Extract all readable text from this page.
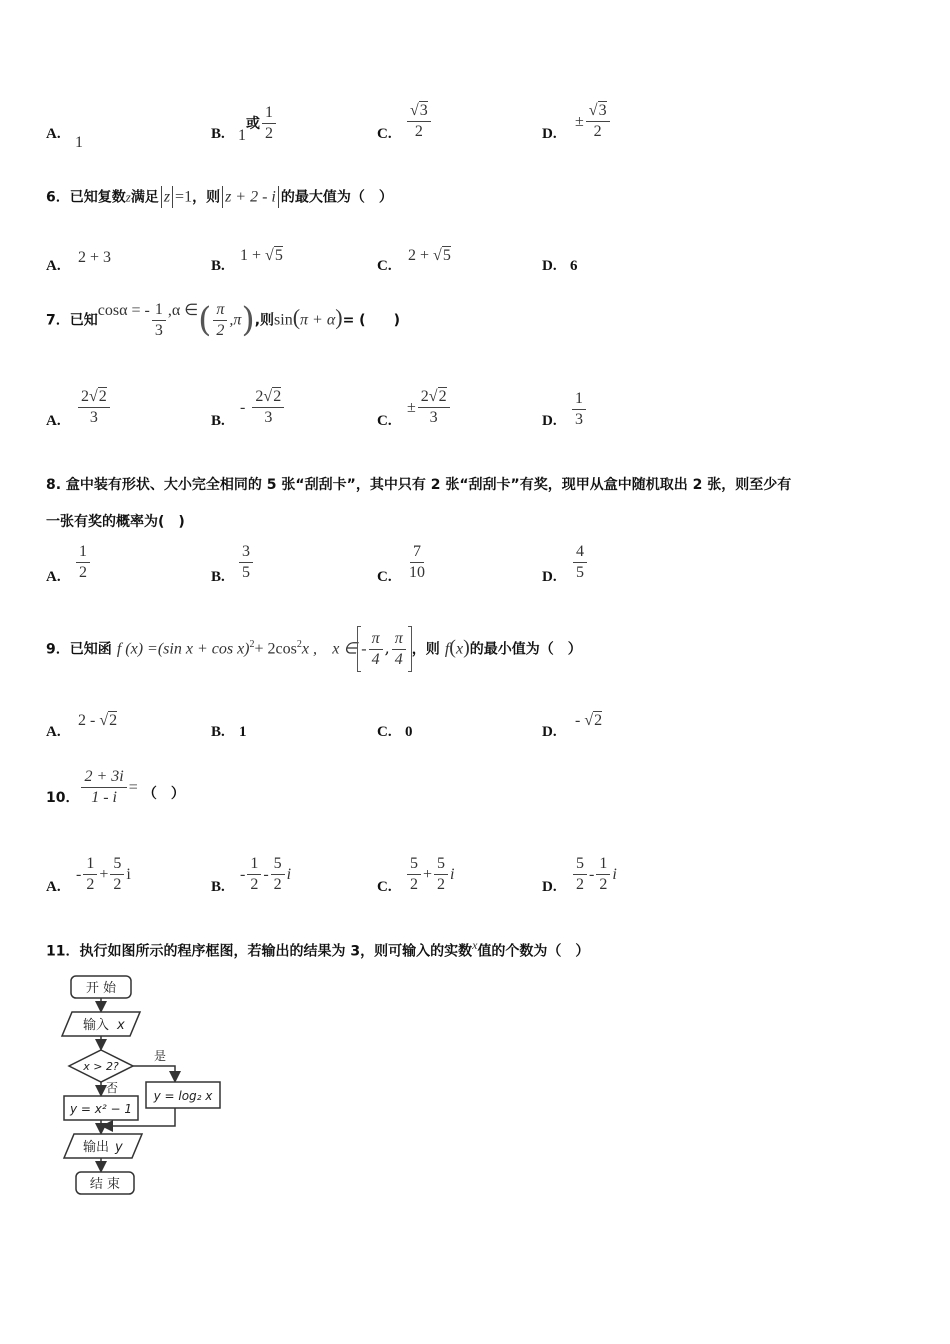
A. 1	B. 1或 $\frac{1}{2}$	C. $\frac{√3}{2}$	D.
± $\frac{√3}{2}$
6．已知复数z满足 z =1，则 z + 2 - i 的最大值为（　）
A. 2 + 3	B.
1 + √5
C.
2 + √5
D. 6
7．已知cosα = - $\frac{1}{3} ,\alpha$ ∈( $\frac{\pi}{2} ,\pi$),则sin(π + α)= (　　)
A. $\frac{2√2}{3}$	B.
- $\frac{2√2}{3}$	C.
± $\frac{2√2}{3}$	D. $\frac{1}{3}$
8. 盒中装有形状、大小完全相同的 5 张“刮刮卡”，其中只有 2 张“刮刮卡”有奖，现甲从盒中随机取出 2 张，则至少有
一张有奖的概率为(　)
A. $\frac{1}{2}$	B. $\frac{3}{5}$	C. $\frac{7}{10}$	D. $\frac{4}{5}$
9．已知函 f (x) =(sin $x + \cos x)^2+ 2\cos^2x$ , x ∈ - $\frac{\pi}{4}$ , $\frac{\pi}{4}$ ，则 f(x)的最小值为（　）
A.
2 - √2
B. 1	C. 0	D.
- √2
10． $\frac{2 + 3i}{1 - i}$ = （　）
A.
- $\frac{1}{2} + \frac{5}{2}$ i
B.
- $\frac{1}{2} - \frac{5}{2}$ i
C. $\frac{5}{2} + \frac{5}{2}$ i
D. $\frac{5}{2} - \frac{1}{2}$ i
11．执行如图所示的程序框图，若输出的结果为 3，则可输入的实数$^x$值的个数为（　）
开 始
输入 x
x > 2?
是
否
y = x² − 1
y = log₂ x
输出 y
结 束
